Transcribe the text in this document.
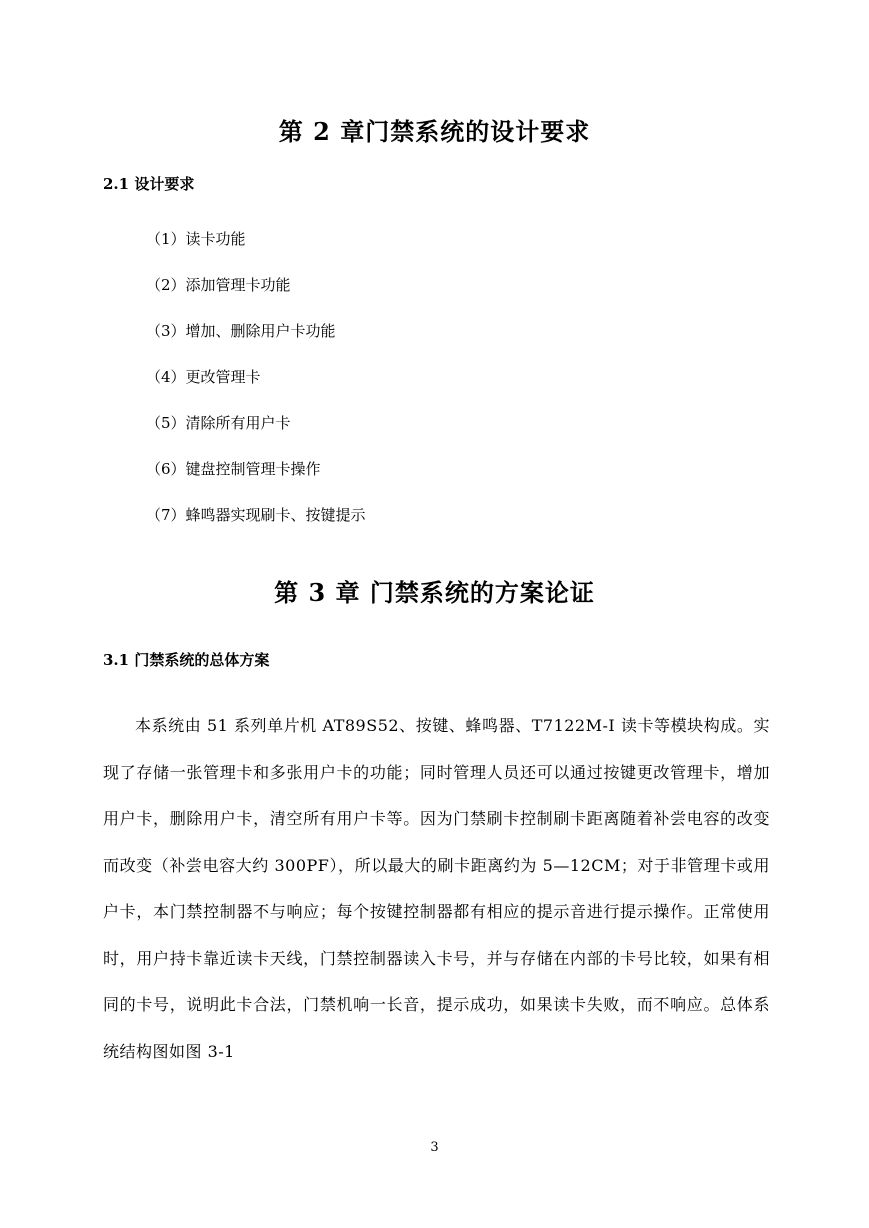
第 2 章门禁系统的设计要求
2.1 设计要求
（1）读卡功能
（2）添加管理卡功能
（3）增加、删除用户卡功能
（4）更改管理卡
（5）清除所有用户卡
（6）键盘控制管理卡操作
（7）蜂鸣器实现刷卡、按键提示
第 3 章 门禁系统的方案论证
3.1 门禁系统的总体方案

本系统由 51 系列单片机 AT89S52、按键、蜂鸣器、T7122M-I 读卡等模块构成。实现了存储一张管理卡和多张用户卡的功能；同时管理人员还可以通过按键更改管理卡，增加用户卡，删除用户卡，清空所有用户卡等。因为门禁刷卡控制刷卡距离随着补尝电容的改变而改变（补尝电容大约 300PF），所以最大的刷卡距离约为 5—12CM；对于非管理卡或用户卡，本门禁控制器不与响应；每个按键控制器都有相应的提示音进行提示操作。正常使用时，用户持卡靠近读卡天线，门禁控制器读入卡号，并与存储在内部的卡号比较，如果有相同的卡号，说明此卡合法，门禁机响一长音，提示成功，如果读卡失败，而不响应。总体系统结构图如图 3-1

3
